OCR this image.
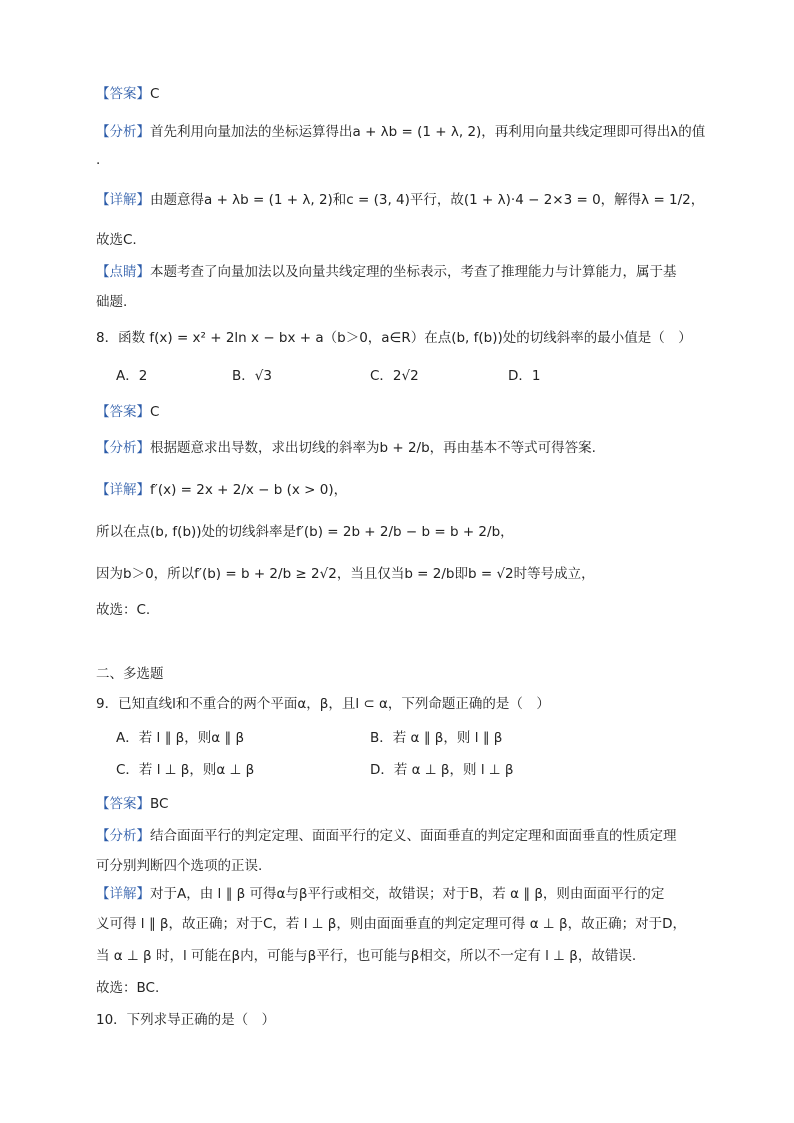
【答案】C
【分析】首先利用向量加法的坐标运算得出a + λb = (1 + λ, 2)，再利用向量共线定理即可得出λ的值
.
【详解】由题意得a + λb = (1 + λ, 2)和c = (3, 4)平行，故(1 + λ)·4 − 2×3 = 0，解得λ = 1/2，
故选C.
【点睛】本题考查了向量加法以及向量共线定理的坐标表示，考查了推理能力与计算能力，属于基
础题.
8．函数 f(x) = x² + 2ln x − bx + a（b＞0，a∈R）在点(b, f(b))处的切线斜率的最小值是（　）
A．2	B．√3	C．2√2	D．1
【答案】C
【分析】根据题意求出导数，求出切线的斜率为b + 2/b，再由基本不等式可得答案.
【详解】f′(x) = 2x + 2/x − b (x > 0)，
所以在点(b, f(b))处的切线斜率是f′(b) = 2b + 2/b − b = b + 2/b，
因为b＞0，所以f′(b) = b + 2/b ≥ 2√2，当且仅当b = 2/b即b = √2时等号成立，
故选：C.
二、多选题
9．已知直线l和不重合的两个平面α，β，且l ⊂ α，下列命题正确的是（　）
A．若 l ∥ β，则α ∥ β	B．若 α ∥ β，则 l ∥ β
C．若 l ⊥ β，则α ⊥ β	D．若 α ⊥ β，则 l ⊥ β
【答案】BC
【分析】结合面面平行的判定定理、面面平行的定义、面面垂直的判定定理和面面垂直的性质定理
可分别判断四个选项的正误.
【详解】对于A，由 l ∥ β 可得α与β平行或相交，故错误；对于B，若 α ∥ β，则由面面平行的定
义可得 l ∥ β，故正确；对于C，若 l ⊥ β，则由面面垂直的判定定理可得 α ⊥ β，故正确；对于D，
当 α ⊥ β 时，l 可能在β内，可能与β平行，也可能与β相交，所以不一定有 l ⊥ β，故错误.
故选：BC.
10．下列求导正确的是（　）
